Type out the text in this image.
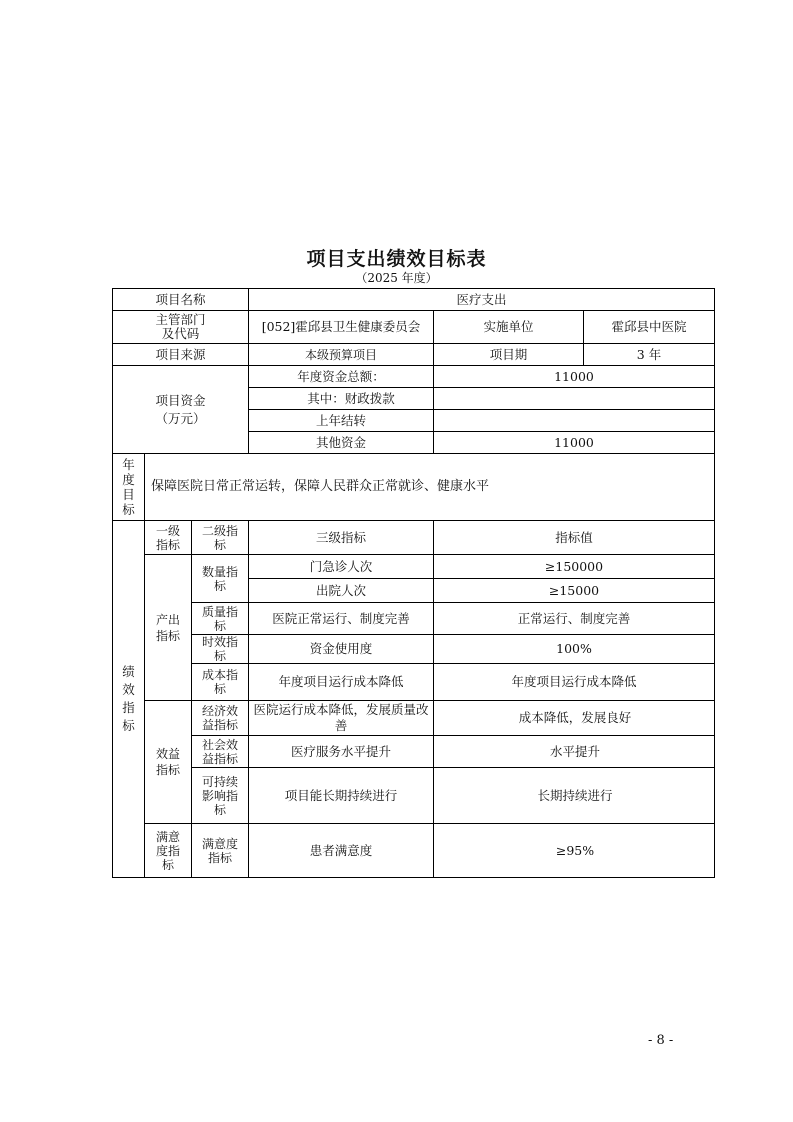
项目支出绩效目标表
（2025 年度）
项目名称			医疗支出		

主管部门
及代码			[052]霍邱县卫生健康委员会	实施单位	霍邱县中医院
项目来源			本级预算项目	项目期	3 年

项目资金
（万元）			年度资金总额：	11000	
			其中：财政拨款		
			上年结转		
			其他资金	11000	

年度目标	保障医院日常正常运转，保障人民群众正常就诊、健康水平				

绩效指标	一级指标	二级指标	三级指标	指标值	

	产出指标	数量指标	门急诊人次	≥150000	
			出院人次	≥15000	

		质量指标	医院正常运行、制度完善	正常运行、制度完善	

		时效指标	资金使用度	100%	

		成本指标	年度项目运行成本降低	年度项目运行成本降低	

	效益指标	经济效益指标	医院运行成本降低，发展质量改善	成本降低，发展良好	

		社会效益指标	医疗服务水平提升	水平提升	

		可持续影响指标	项目能长期持续进行	长期持续进行	

	满意度指标	满意度指标	患者满意度	≥95%	
- 8 -
